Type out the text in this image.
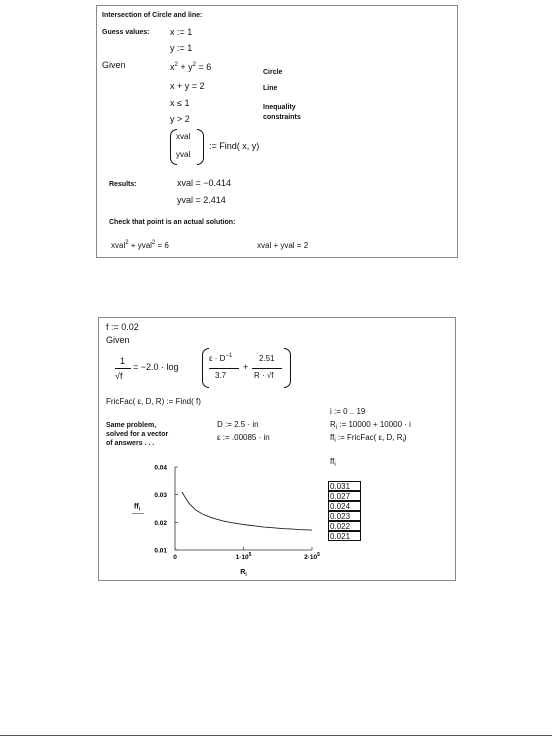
Intersection of Circle and line:
Guess values: x := 1
y := 1
Given	$x^2 + y^2 = 6$
Circle
x + y = 2	Line
x ≤ 1
y > 2
Inequality
constraints
xval
yval
:= Find( x, y)
Results:	xval = −0.414
yval = 2.414
Check that point is an actual solution:
xval$^2$ + yval$^2$ = 6	xval + yval = 2
f := 0.02
Given
1
√f
= −2.0 · log
$\varepsilon \cdot D^{-1}$
3.7
+
2.51
R · √f
FricFac( ε, D, R) := Find( f)
Same problem,
solved for a vector
of answers . . .
D := 2.5 · in
ε := .00085 · in
i := 0 .. 19
$R_i$ := 10000 + 10000 · i
$ff_i$ := FricFac( ε, D, $R_i$)
$ff_i$
0.031
0.027
0.024
0.023
0.022
0.021
0.04
0.03
0.02
0.01
0	$1\cdot 10^5$	$2\cdot 10^5$
$ff_i$
$R_i$
